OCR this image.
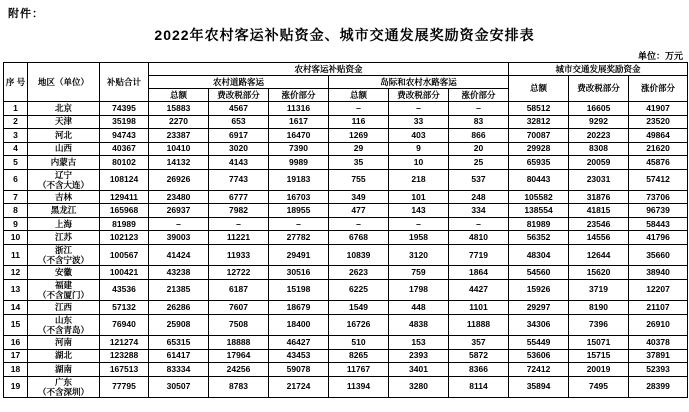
附件：
2022年农村客运补贴资金、城市交通发展奖励资金安排表
单位：万元
序 号	地区（单位）	补贴合计	农村客运补贴资金						城市交通发展奖励资金		
			农村道路客运			岛际和农村水路客运			总额	费改税部分	涨价部分
			总额	费改税部分	涨价部分	总额	费改税部分	涨价部分			
1	北京	74395	15883	4567	11316	–	–	–	58512	16605	41907
2	天津	35198	2270	653	1617	116	33	83	32812	9292	23520
3	河北	94743	23387	6917	16470	1269	403	866	70087	20223	49864
4	山西	40367	10410	3020	7390	29	9	20	29928	8308	21620
5	内蒙古	80102	14132	4143	9989	35	10	25	65935	20059	45876
6	辽宁
（不含大连）	108124	26926	7743	19183	755	218	537	80443	23031	57412
7	吉林	129411	23480	6777	16703	349	101	248	105582	31876	73706
8	黑龙江	165968	26937	7982	18955	477	143	334	138554	41815	96739
9	上海	81989	–	–	–	–	–	–	81989	23546	58443
10	江苏	102123	39003	11221	27782	6768	1958	4810	56352	14556	41796
11	浙江
（不含宁波）	100567	41424	11933	29491	10839	3120	7719	48304	12644	35660
12	安徽	100421	43238	12722	30516	2623	759	1864	54560	15620	38940
13	福建
（不含厦门）	43536	21385	6187	15198	6225	1798	4427	15926	3719	12207
14	江西	57132	26286	7607	18679	1549	448	1101	29297	8190	21107
15	山东
（不含青岛）	76940	25908	7508	18400	16726	4838	11888	34306	7396	26910
16	河南	121274	65315	18888	46427	510	153	357	55449	15071	40378
17	湖北	123288	61417	17964	43453	8265	2393	5872	53606	15715	37891
18	湖南	167513	83334	24256	59078	11767	3401	8366	72412	20019	52393
19	广东
（不含深圳）	77795	30507	8783	21724	11394	3280	8114	35894	7495	28399
